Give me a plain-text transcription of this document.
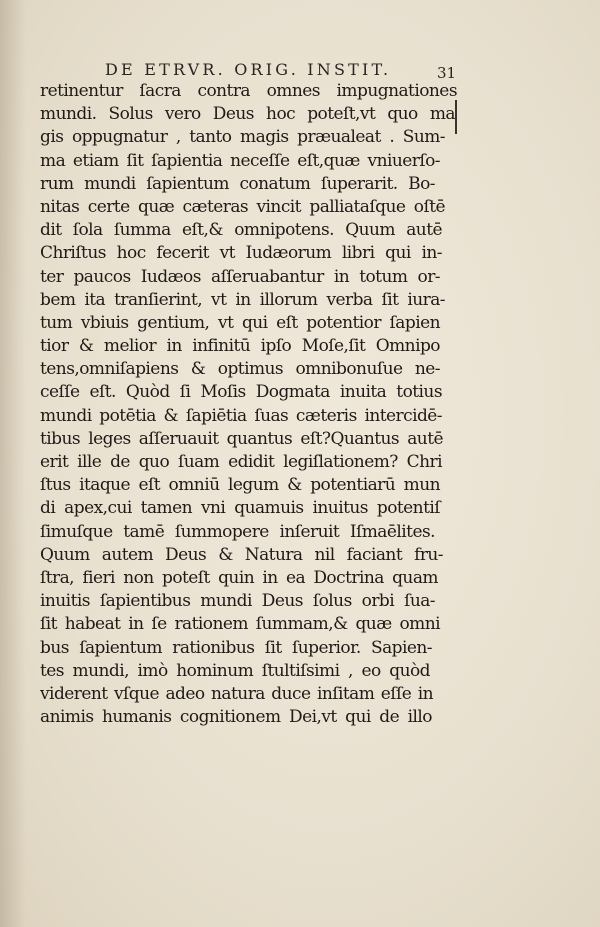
DE ETRVR. ORIG. INSTIT.	31
retinentur ſacra contra omnes impugnationes
mundi. Solus vero Deus hoc poteſt,vt quo ma
gis oppugnatur , tanto magis præualeat . Sum-
ma etiam ſit ſapientia neceſſe eſt,quæ vniuerſo-
rum mundi ſapientum conatum ſuperarit. Bo-
nitas certe quæ cæteras vincit palliataſque oſtē
dit ſola ſumma eſt,& omnipotens. Quum autē
Chriſtus hoc fecerit vt Iudæorum libri qui in-
ter paucos Iudæos aſſeruabantur in totum or-
bem ita tranſierint, vt in illorum verba ſit iura-
tum vbiuis gentium, vt qui eſt potentior ſapien
tior & melior in infinitū ipſo Moſe,ſit Omnipo
tens,omniſapiens & optimus omnibonuſue ne-
ceſſe eſt. Quòd ſi Moſis Dogmata inuita totius
mundi potētia & ſapiētia ſuas cæteris intercidē-
tibus leges aſſeruauit quantus eſt?Quantus autē
erit ille de quo ſuam edidit legiſlationem? Chri
ſtus itaque eſt omniū legum & potentiarū mun
di apex,cui tamen vni quamuis inuitus potentiſ
ſimuſque tamē ſummopere inſeruit Iſmaēlites.
Quum autem Deus & Natura nil faciant fru-
ſtra, fieri non poteſt quin in ea Doctrina quam
inuitis ſapientibus mundi Deus ſolus orbi ſua-
ſit habeat in ſe rationem ſummam,& quæ omni
bus ſapientum rationibus ſit ſuperior. Sapien-
tes mundi, imò hominum ſtultiſsimi , eo quòd
viderent vſque adeo natura duce inſitam eſſe in
animis humanis cognitionem Dei,vt qui de illo
